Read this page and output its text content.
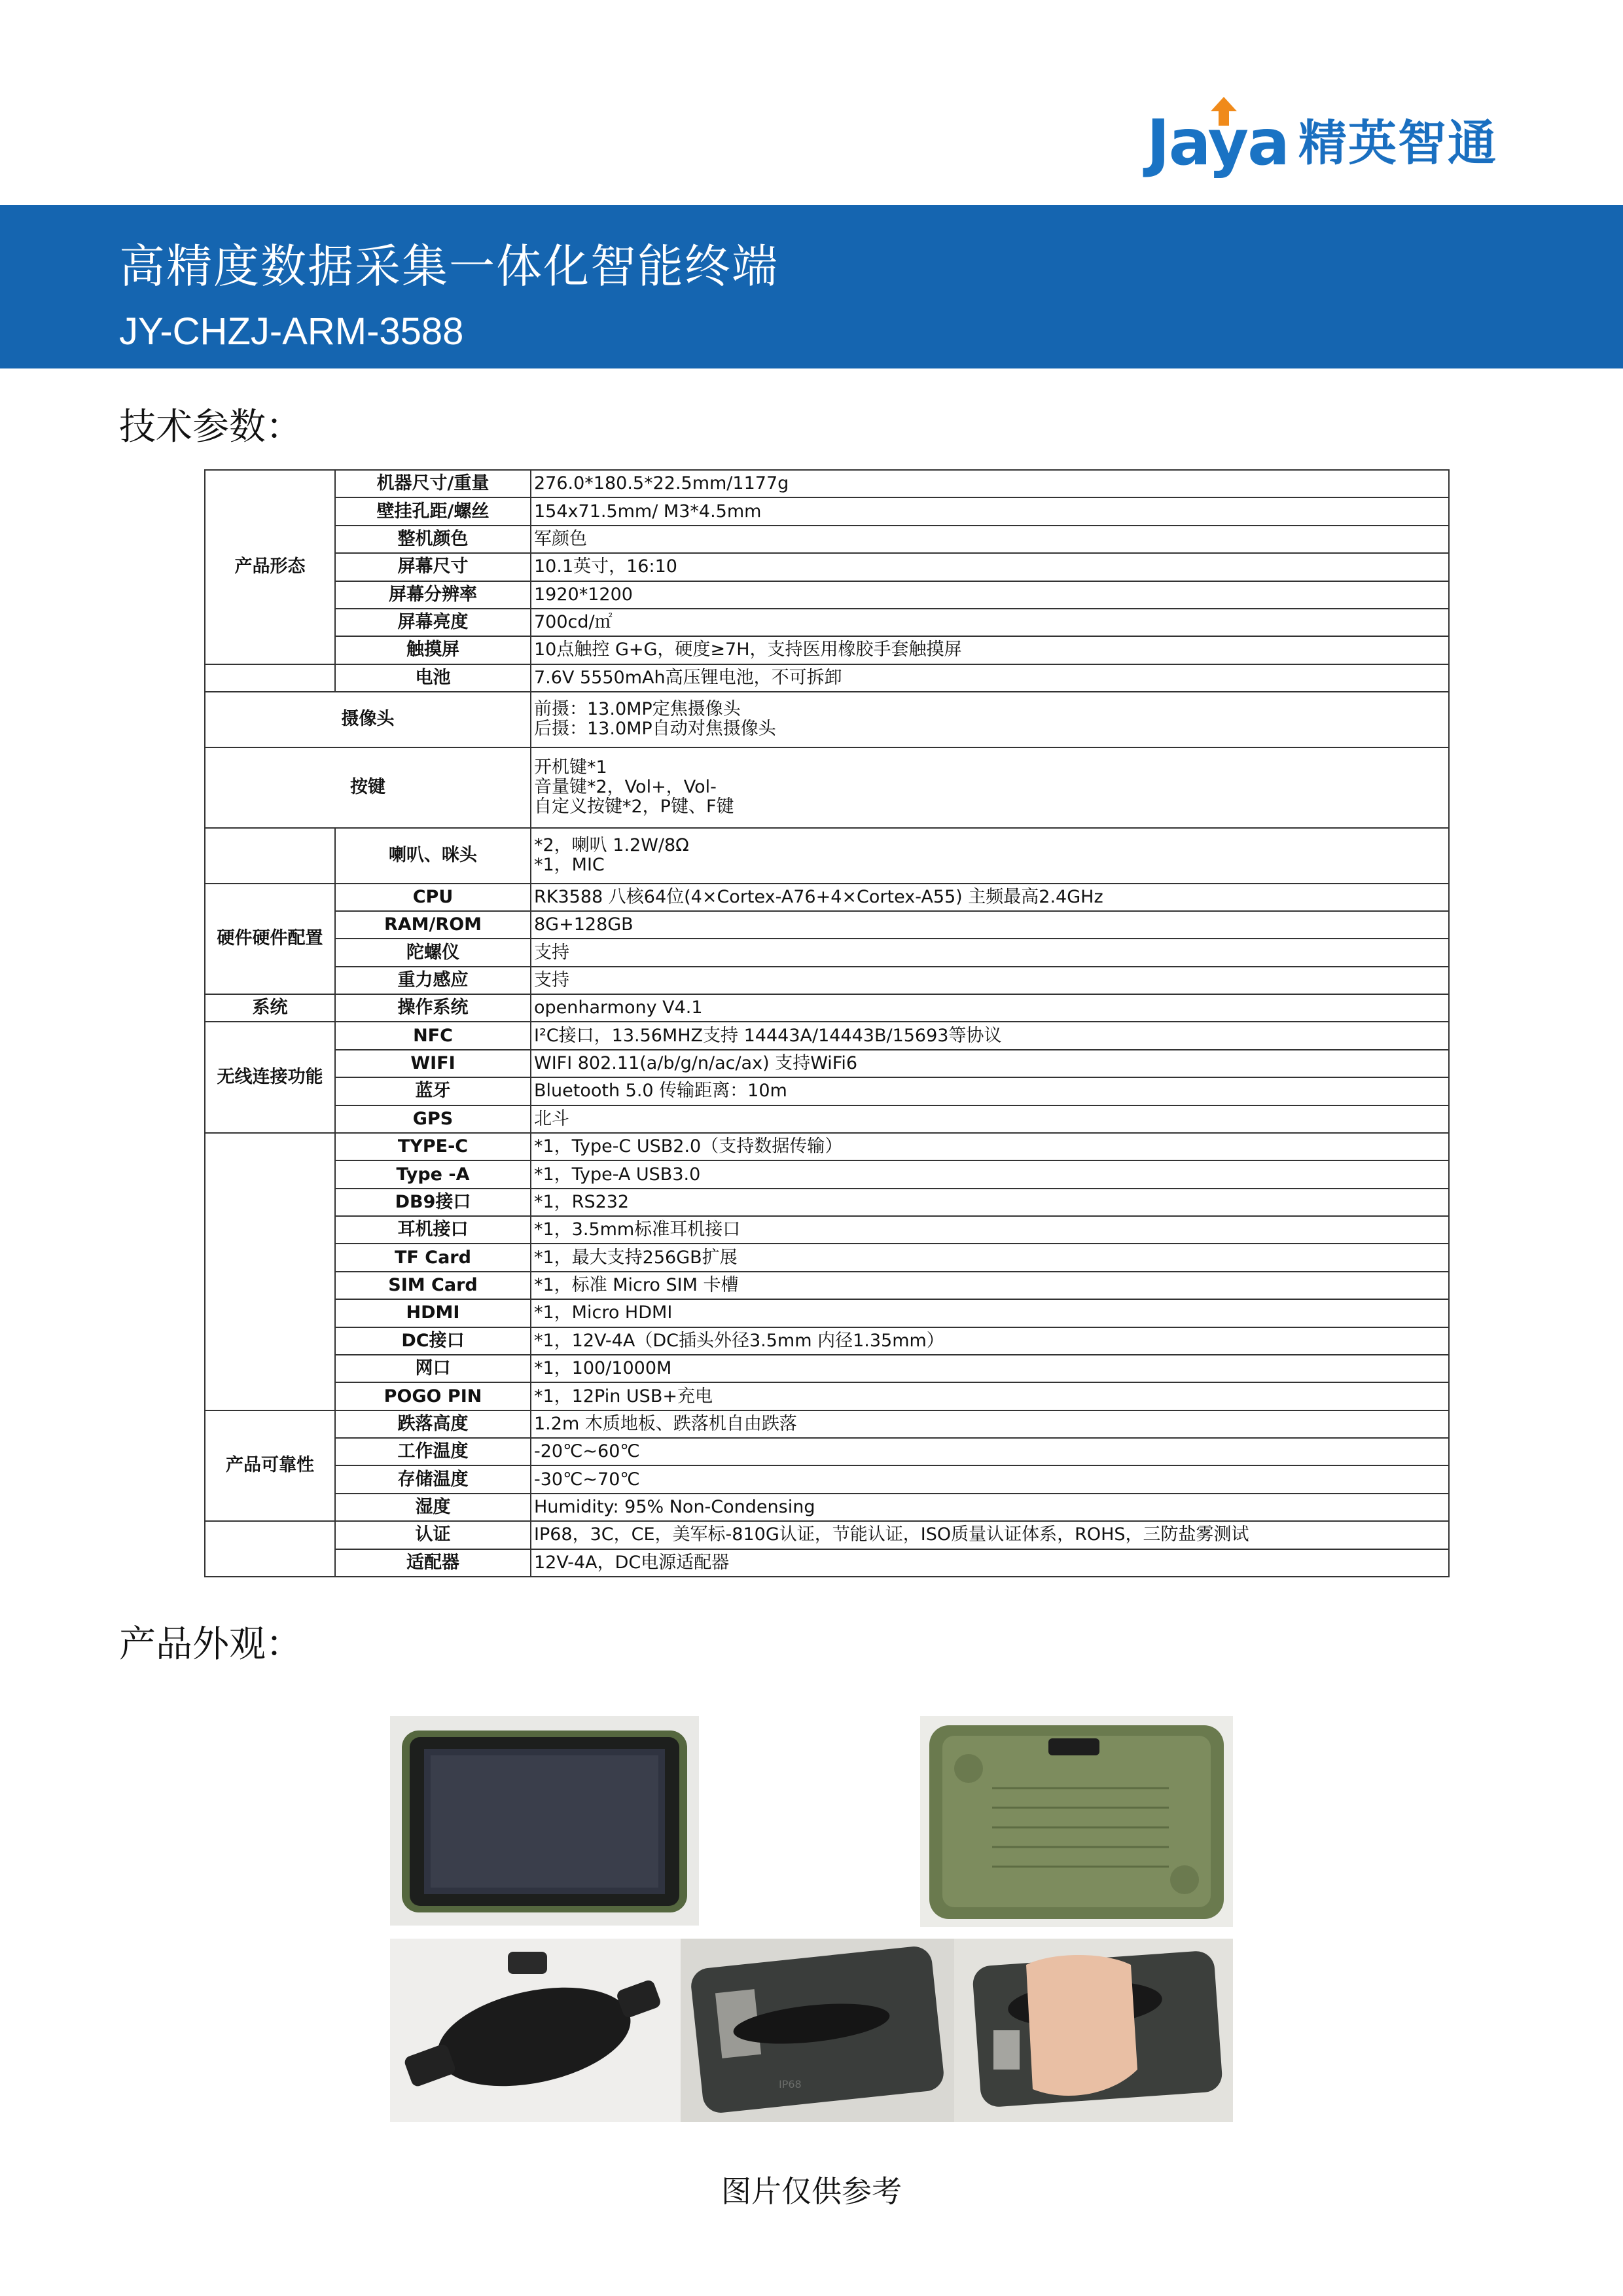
Jaya 精英智通
高精度数据采集一体化智能终端
JY-CHZJ-ARM-3588
技术参数：
产品形态	机器尺寸/重量	276.0*180.5*22.5mm/1177g

	壁挂孔距/螺丝	154x71.5mm/ M3*4.5mm

	整机颜色	军颜色

	屏幕尺寸	10.1英寸，16:10

	屏幕分辨率	1920*1200

	屏幕亮度	700cd/㎡

	触摸屏	10点触控 G+G，硬度≥7H，支持医用橡胶手套触摸屏

	电池	7.6V 5550mAh高压锂电池，不可拆卸

摄像头		前摄：13.0MP定焦摄像头
后摄：13.0MP自动对焦摄像头

按键		开机键*1
音量键*2，Vol+，Vol-
自定义按键*2，P键、F键

	喇叭、咪头	*2，喇叭 1.2W/8Ω
*1，MIC

硬件硬件配置	CPU	RK3588 八核64位(4×Cortex-A76+4×Cortex-A55) 主频最高2.4GHz

	RAM/ROM	8G+128GB

	陀螺仪	支持

	重力感应	支持

系统	操作系统	openharmony V4.1

无线连接功能	NFC	I²C接口，13.56MHZ支持 14443A/14443B/15693等协议

	WIFI	WIFI 802.11(a/b/g/n/ac/ax) 支持WiFi6

	蓝牙	Bluetooth 5.0 传输距离：10m

	GPS	北斗

	TYPE-C	*1，Type-C USB2.0（支持数据传输）

	Type -A	*1，Type-A USB3.0

	DB9接口	*1，RS232

	耳机接口	*1，3.5mm标准耳机接口

	TF Card	*1，最大支持256GB扩展

	SIM Card	*1，标准 Micro SIM 卡槽

	HDMI	*1，Micro HDMI

	DC接口	*1，12V-4A（DC插头外径3.5mm 内径1.35mm）

	网口	*1，100/1000M

	POGO PIN	*1，12Pin USB+充电

产品可靠性	跌落高度	1.2m 木质地板、跌落机自由跌落

	工作温度	-20℃~60℃

	存储温度	-30℃~70℃

	湿度	Humidity: 95% Non-Condensing

	认证	IP68，3C，CE，美军标-810G认证，节能认证，ISO质量认证体系，ROHS，三防盐雾测试

	适配器	12V-4A，DC电源适配器
产品外观：
IP68
图片仅供参考
